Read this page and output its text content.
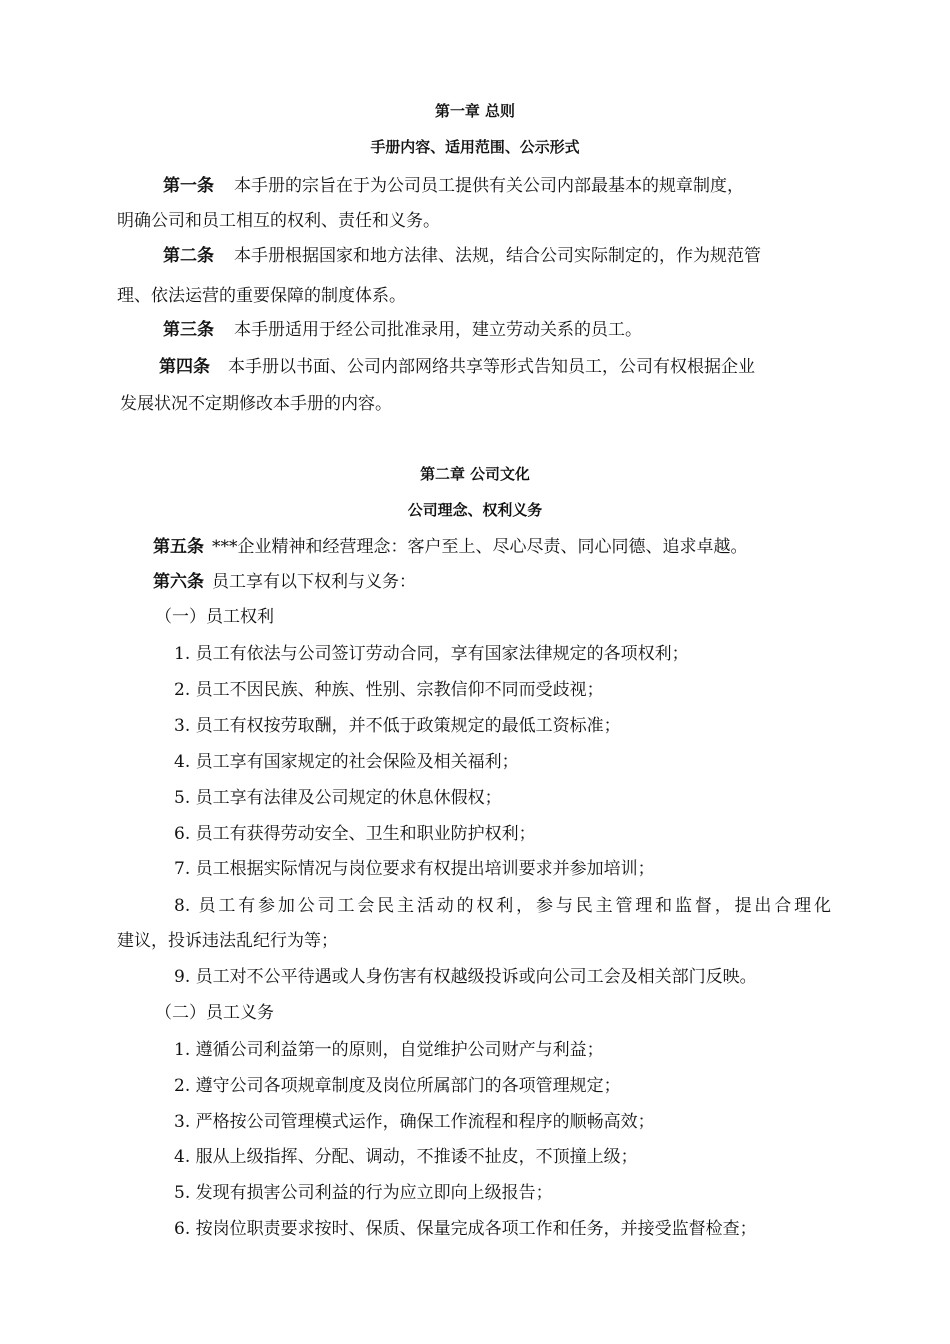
第一章 总则
手册内容、适用范围、公示形式
第一条 本手册的宗旨在于为公司员工提供有关公司内部最基本的规章制度，
明确公司和员工相互的权利、责任和义务。
第二条 本手册根据国家和地方法律、法规，结合公司实际制定的，作为规范管
理、依法运营的重要保障的制度体系。
第三条 本手册适用于经公司批准录用，建立劳动关系的员工。
第四条 本手册以书面、公司内部网络共享等形式告知员工，公司有权根据企业
发展状况不定期修改本手册的内容。
第二章 公司文化
公司理念、权利义务
第五条 ***企业精神和经营理念：客户至上、尽心尽责、同心同德、追求卓越。
第六条 员工享有以下权利与义务：
（一）员工权利
1. 员工有依法与公司签订劳动合同，享有国家法律规定的各项权利；
2. 员工不因民族、种族、性别、宗教信仰不同而受歧视；
3. 员工有权按劳取酬，并不低于政策规定的最低工资标准；
4. 员工享有国家规定的社会保险及相关福利；
5. 员工享有法律及公司规定的休息休假权；
6. 员工有获得劳动安全、卫生和职业防护权利；
7. 员工根据实际情况与岗位要求有权提出培训要求并参加培训；
8. 员工有参加公司工会民主活动的权利，参与民主管理和监督，提出合理化
建议，投诉违法乱纪行为等；
9. 员工对不公平待遇或人身伤害有权越级投诉或向公司工会及相关部门反映。
（二）员工义务
1. 遵循公司利益第一的原则，自觉维护公司财产与利益；
2. 遵守公司各项规章制度及岗位所属部门的各项管理规定；
3. 严格按公司管理模式运作，确保工作流程和程序的顺畅高效；
4. 服从上级指挥、分配、调动，不推诿不扯皮，不顶撞上级；
5. 发现有损害公司利益的行为应立即向上级报告；
6. 按岗位职责要求按时、保质、保量完成各项工作和任务，并接受监督检查；
